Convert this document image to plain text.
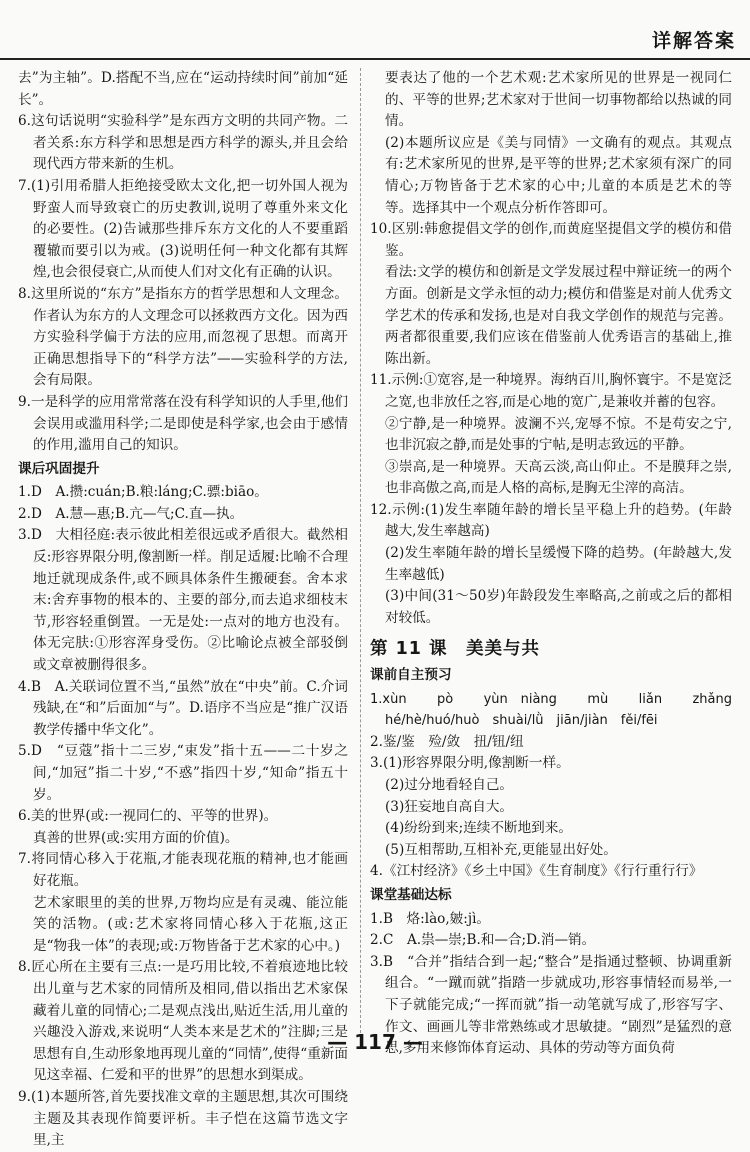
详解答案

去”为主轴”。D.搭配不当,应在“运动持续时间”前加“延长”。

6.这句话说明“实验科学”是东西方文明的共同产物。二者关系:东方科学和思想是西方科学的源头,并且会给现代西方带来新的生机。

7.(1)引用希腊人拒绝接受欧太文化,把一切外国人视为野蛮人而导致衰亡的历史教训,说明了尊重外来文化的必要性。(2)告诫那些排斥东方文化的人不要重蹈覆辙而要引以为戒。(3)说明任何一种文化都有其辉煌,也会很侵衰亡,从而使人们对文化有正确的认识。

8.这里所说的“东方”是指东方的哲学思想和人文理念。作者认为东方的人文理念可以拯救西方文化。因为西方实验科学偏于方法的应用,而忽视了思想。而离开正确思想指导下的“科学方法”——实验科学的方法,会有局限。

9.一是科学的应用常常落在没有科学知识的人手里,他们会误用或滥用科学;二是即使是科学家,也会由于感情的作用,滥用自己的知识。

课后巩固提升

1.D　A.攒:cuán;B.粮:láng;C.骠:biāo。

2.D　A.慧—惠;B.亢—气;C.直—执。

3.D　大相径庭:表示彼此相差很远或矛盾很大。截然相反:形容界限分明,像割断一样。削足适履:比喻不合理地迁就现成条件,或不顾具体条件生搬硬套。舍本求末:舍弃事物的根本的、主要的部分,而去追求细枝末节,形容轻重倒置。一无是处:一点对的地方也没有。体无完肤:①形容浑身受伤。②比喻论点被全部驳倒或文章被删得很多。

4.B　A.关联词位置不当,“虽然”放在“中央”前。C.介词残缺,在“和”后面加“与”。D.语序不当应是“推广汉语教学传播中华文化”。

5.D　“豆蔻”指十二三岁,“束发”指十五——二十岁之间,“加冠”指二十岁,“不惑”指四十岁,“知命”指五十岁。

6.美的世界(或:一视同仁的、平等的世界)。

真善的世界(或:实用方面的价值)。

7.将同情心移入于花瓶,才能表现花瓶的精神,也才能画好花瓶。

艺术家眼里的美的世界,万物均应是有灵魂、能泣能笑的活物。(或:艺术家将同情心移入于花瓶,这正是“物我一体”的表现;或:万物皆备于艺术家的心中。)

8.匠心所在主要有三点:一是巧用比较,不着痕迹地比较出儿童与艺术家的同情所及相同,借以指出艺术家保藏着儿童的同情心;二是观点浅出,贴近生活,用儿童的兴趣没入游戏,来说明“人类本来是艺术的”注脚;三是思想有自,生动形象地再现儿童的“同情”,使得“重新面见这幸福、仁爱和平的世界”的思想水到渠成。

9.(1)本题所答,首先要找准文章的主题思想,其次可围绕主题及其表现作简要评析。丰子恺在这篇节选文字里,主

要表达了他的一个艺术观:艺术家所见的世界是一视同仁的、平等的世界;艺术家对于世间一切事物都给以热诚的同情。

(2)本题所议应是《美与同情》一文确有的观点。其观点有:艺术家所见的世界,是平等的世界;艺术家须有深广的同情心;万物皆备于艺术家的心中;儿童的本质是艺术的等等。选择其中一个观点分析作答即可。

10.区别:韩愈提倡文学的创作,而黄庭坚提倡文学的模仿和借鉴。

看法:文学的模仿和创新是文学发展过程中辩证统一的两个方面。创新是文学永恒的动力;模仿和借鉴是对前人优秀文学艺术的传承和发扬,也是对自我文学创作的规范与完善。两者都很重要,我们应该在借鉴前人优秀语言的基础上,推陈出新。

11.示例:①宽容,是一种境界。海纳百川,胸怀寰宇。不是宽泛之宽,也非放任之容,而是心地的宽广,是兼收并蓄的包容。

②宁静,是一种境界。波澜不兴,宠辱不惊。不是苟安之宁,也非沉寂之静,而是处事的宁帖,是明志致远的平静。

③崇高,是一种境界。天高云淡,高山仰止。不是膜拜之崇,也非高傲之高,而是人格的高标,是胸无尘滓的高洁。

12.示例:(1)发生率随年龄的增长呈平稳上升的趋势。(年龄越大,发生率越高)

(2)发生率随年龄的增长呈缓慢下降的趋势。(年龄越大,发生率越低)

(3)中间(31～50岁)年龄段发生率略高,之前或之后的都相对较低。

第 11 课　美美与共

课前自主预习

1.xùn　pò　yùn niàng　mù　liǎn　zhǎng　hé/hè/huó/huò　shuài/lǜ　jiān/jiàn　fěi/fēi

2.鉴/鉴　殓/敛　扭/钮/纽

3.(1)形容界限分明,像割断一样。

(2)过分地看轻自己。

(3)狂妄地自高自大。

(4)纷纷到来;连续不断地到来。

(5)互相帮助,互相补充,更能显出好处。

4.《江村经济》《乡土中国》《生育制度》《行行重行行》

课堂基础达标

1.B　烙:lào,皴:jì。

2.C　A.祟—崇;B.和—合;D.消—销。

3.B　“合并”指结合到一起;“整合”是指通过整顿、协调重新组合。“一蹴而就”指踏一步就成功,形容事情轻而易举,一下子就能完成;“一挥而就”指一动笔就写成了,形容写字、作文、画画儿等非常熟练或才思敏捷。“剧烈”是猛烈的意思,多用来修饰体育运动、具体的劳动等方面负荷

— 117 —
